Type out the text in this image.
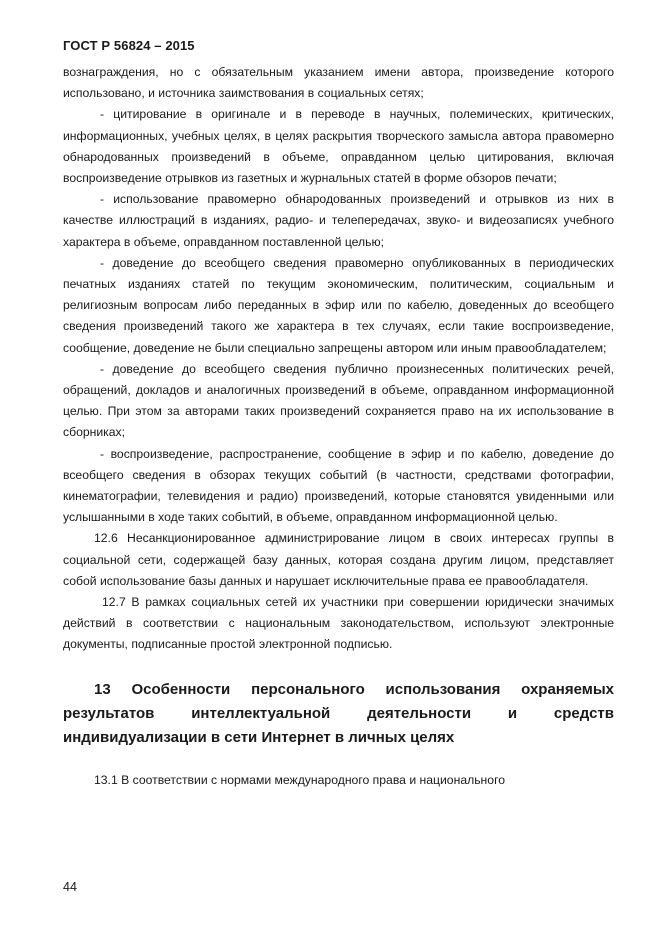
ГОСТ Р 56824 – 2015

вознаграждения, но с обязательным указанием имени автора, произведение которого использовано, и источника заимствования в социальных сетях;

- цитирование в оригинале и в переводе в научных, полемических, критических, информационных, учебных целях, в целях раскрытия творческого замысла автора правомерно обнародованных произведений в объеме, оправданном целью цитирования, включая воспроизведение отрывков из газетных и журнальных статей в форме обзоров печати;

- использование правомерно обнародованных произведений и отрывков из них в качестве иллюстраций в изданиях, радио- и телепередачах, звуко- и видеозаписях учебного характера в объеме, оправданном поставленной целью;

- доведение до всеобщего сведения правомерно опубликованных в периодических печатных изданиях статей по текущим экономическим, политическим, социальным и религиозным вопросам либо переданных в эфир или по кабелю, доведенных до всеобщего сведения произведений такого же характера в тех случаях, если такие воспроизведение, сообщение, доведение не были специально запрещены автором или иным правообладателем;

- доведение до всеобщего сведения публично произнесенных политических речей, обращений, докладов и аналогичных произведений в объеме, оправданном информационной целью. При этом за авторами таких произведений сохраняется право на их использование в сборниках;

- воспроизведение, распространение, сообщение в эфир и по кабелю, доведение до всеобщего сведения в обзорах текущих событий (в частности, средствами фотографии, кинематографии, телевидения и радио) произведений, которые становятся увиденными или услышанными в ходе таких событий, в объеме, оправданном информационной целью.

12.6 Несанкционированное администрирование лицом в своих интересах группы в социальной сети, содержащей базу данных, которая создана другим лицом, представляет собой использование базы данных и нарушает исключительные права ее правообладателя.

12.7 В рамках социальных сетей их участники при совершении юридически значимых действий в соответствии с национальным законодательством, используют электронные документы, подписанные простой электронной подписью.

13 Особенности персонального использования охраняемых результатов интеллектуальной деятельности и средств индивидуализации в сети Интернет в личных целях

13.1 В соответствии с нормами международного права и национального

44
